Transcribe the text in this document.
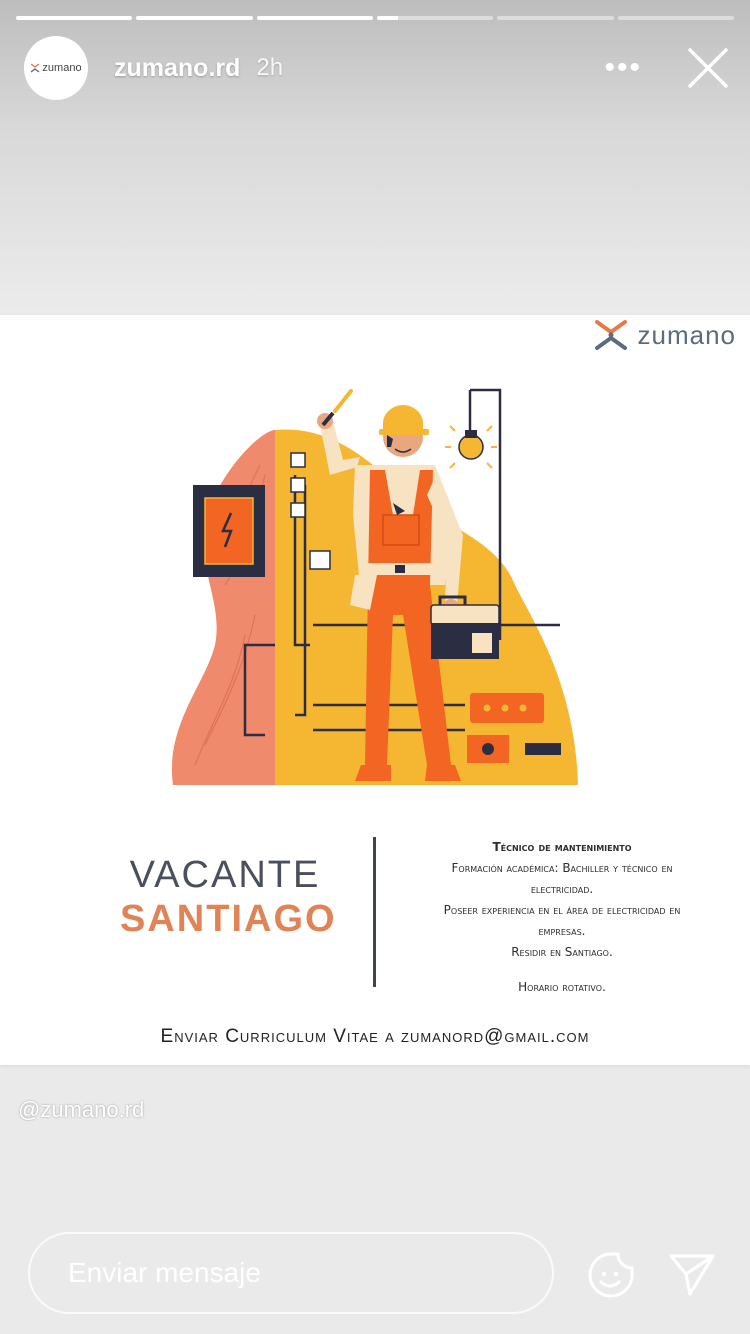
zumano zumano.rd 2h	•••
zumano
VACANTE
SANTIAGO
Técnico de mantenimiento
Formación académica: Bachiller y técnico en
electricidad.
Poseer experiencia en el área de electricidad en
empresas.
Residir en Santiago.
Horario rotativo.
Enviar Curriculum Vitae a zumanord@gmail.com
@zumano.rd
Enviar mensaje
